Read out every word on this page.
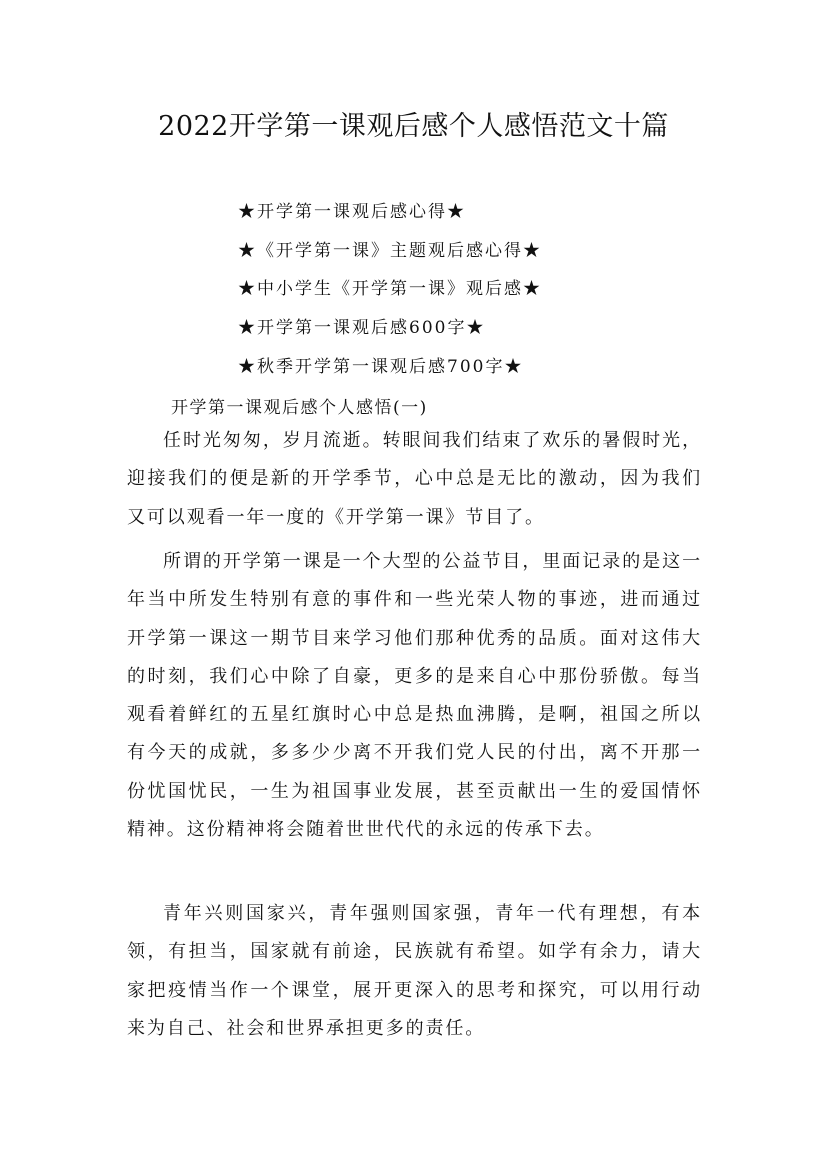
2022开学第一课观后感个人感悟范文十篇
★开学第一课观后感心得★
★《开学第一课》主题观后感心得★
★中小学生《开学第一课》观后感★
★开学第一课观后感600字★
★秋季开学第一课观后感700字★
开学第一课观后感个人感悟(一)

任时光匆匆，岁月流逝。转眼间我们结束了欢乐的暑假时光，迎接我们的便是新的开学季节，心中总是无比的激动，因为我们又可以观看一年一度的《开学第一课》节目了。

所谓的开学第一课是一个大型的公益节目，里面记录的是这一年当中所发生特别有意的事件和一些光荣人物的事迹，进而通过开学第一课这一期节目来学习他们那种优秀的品质。面对这伟大的时刻，我们心中除了自豪，更多的是来自心中那份骄傲。每当观看着鲜红的五星红旗时心中总是热血沸腾，是啊，祖国之所以有今天的成就，多多少少离不开我们党人民的付出，离不开那一份忧国忧民，一生为祖国事业发展，甚至贡献出一生的爱国情怀精神。这份精神将会随着世世代代的永远的传承下去。

青年兴则国家兴，青年强则国家强，青年一代有理想，有本领，有担当，国家就有前途，民族就有希望。如学有余力，请大家把疫情当作一个课堂，展开更深入的思考和探究，可以用行动来为自己、社会和世界承担更多的责任。
